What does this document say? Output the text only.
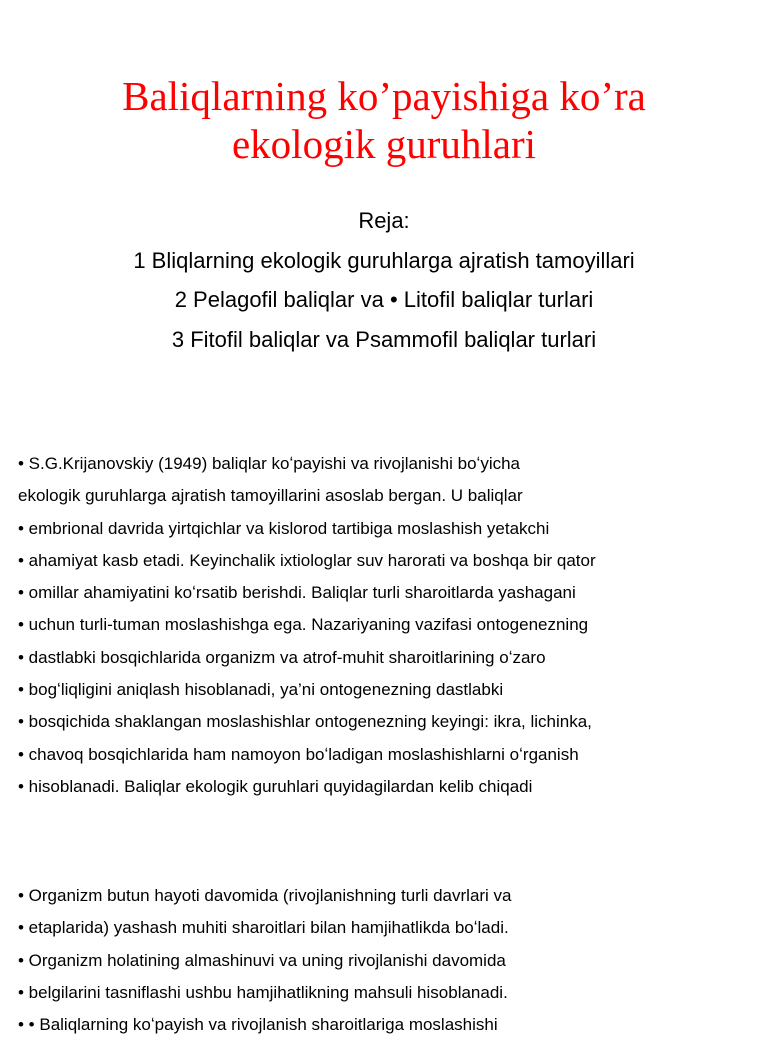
Baliqlarning ko’payishiga ko’ra
ekologik guruhlari
Reja:
1 Bliqlarning ekologik guruhlarga ajratish tamoyillari
2 Pelagofil baliqlar va • Litofil baliqlar turlari
3 Fitofil baliqlar va Psammofil baliqlar turlari
• S.G.Krijanovskiy (1949) baliqlar koʻpayishi va rivojlanishi boʻyicha
ekologik guruhlarga ajratish tamoyillarini asoslab bergan. U baliqlar
• embrional davrida yirtqichlar va kislorod tartibiga moslashish yetakchi
• ahamiyat kasb etadi. Keyinchalik ixtiologlar suv harorati va boshqa bir qator
• omillar ahamiyatini koʻrsatib berishdi. Baliqlar turli sharoitlarda yashagani
• uchun turli-tuman moslashishga ega. Nazariyaning vazifasi ontogenezning
• dastlabki bosqichlarida organizm va atrof-muhit sharoitlarining oʻzaro
• bogʻliqligini aniqlash hisoblanadi, ya’ni ontogenezning dastlabki
• bosqichida shaklangan moslashishlar ontogenezning keyingi: ikra, lichinka,
• chavoq bosqichlarida ham namoyon boʻladigan moslashishlarni oʻrganish
• hisoblanadi. Baliqlar ekologik guruhlari quyidagilardan kelib chiqadi
• Organizm butun hayoti davomida (rivojlanishning turli davrlari va
• etaplarida) yashash muhiti sharoitlari bilan hamjihatlikda boʻladi.
• Organizm holatining almashinuvi va uning rivojlanishi davomida
• belgilarini tasniflashi ushbu hamjihatlikning mahsuli hisoblanadi.
• • Baliqlarning koʻpayish va rivojlanish sharoitlariga moslashishi
